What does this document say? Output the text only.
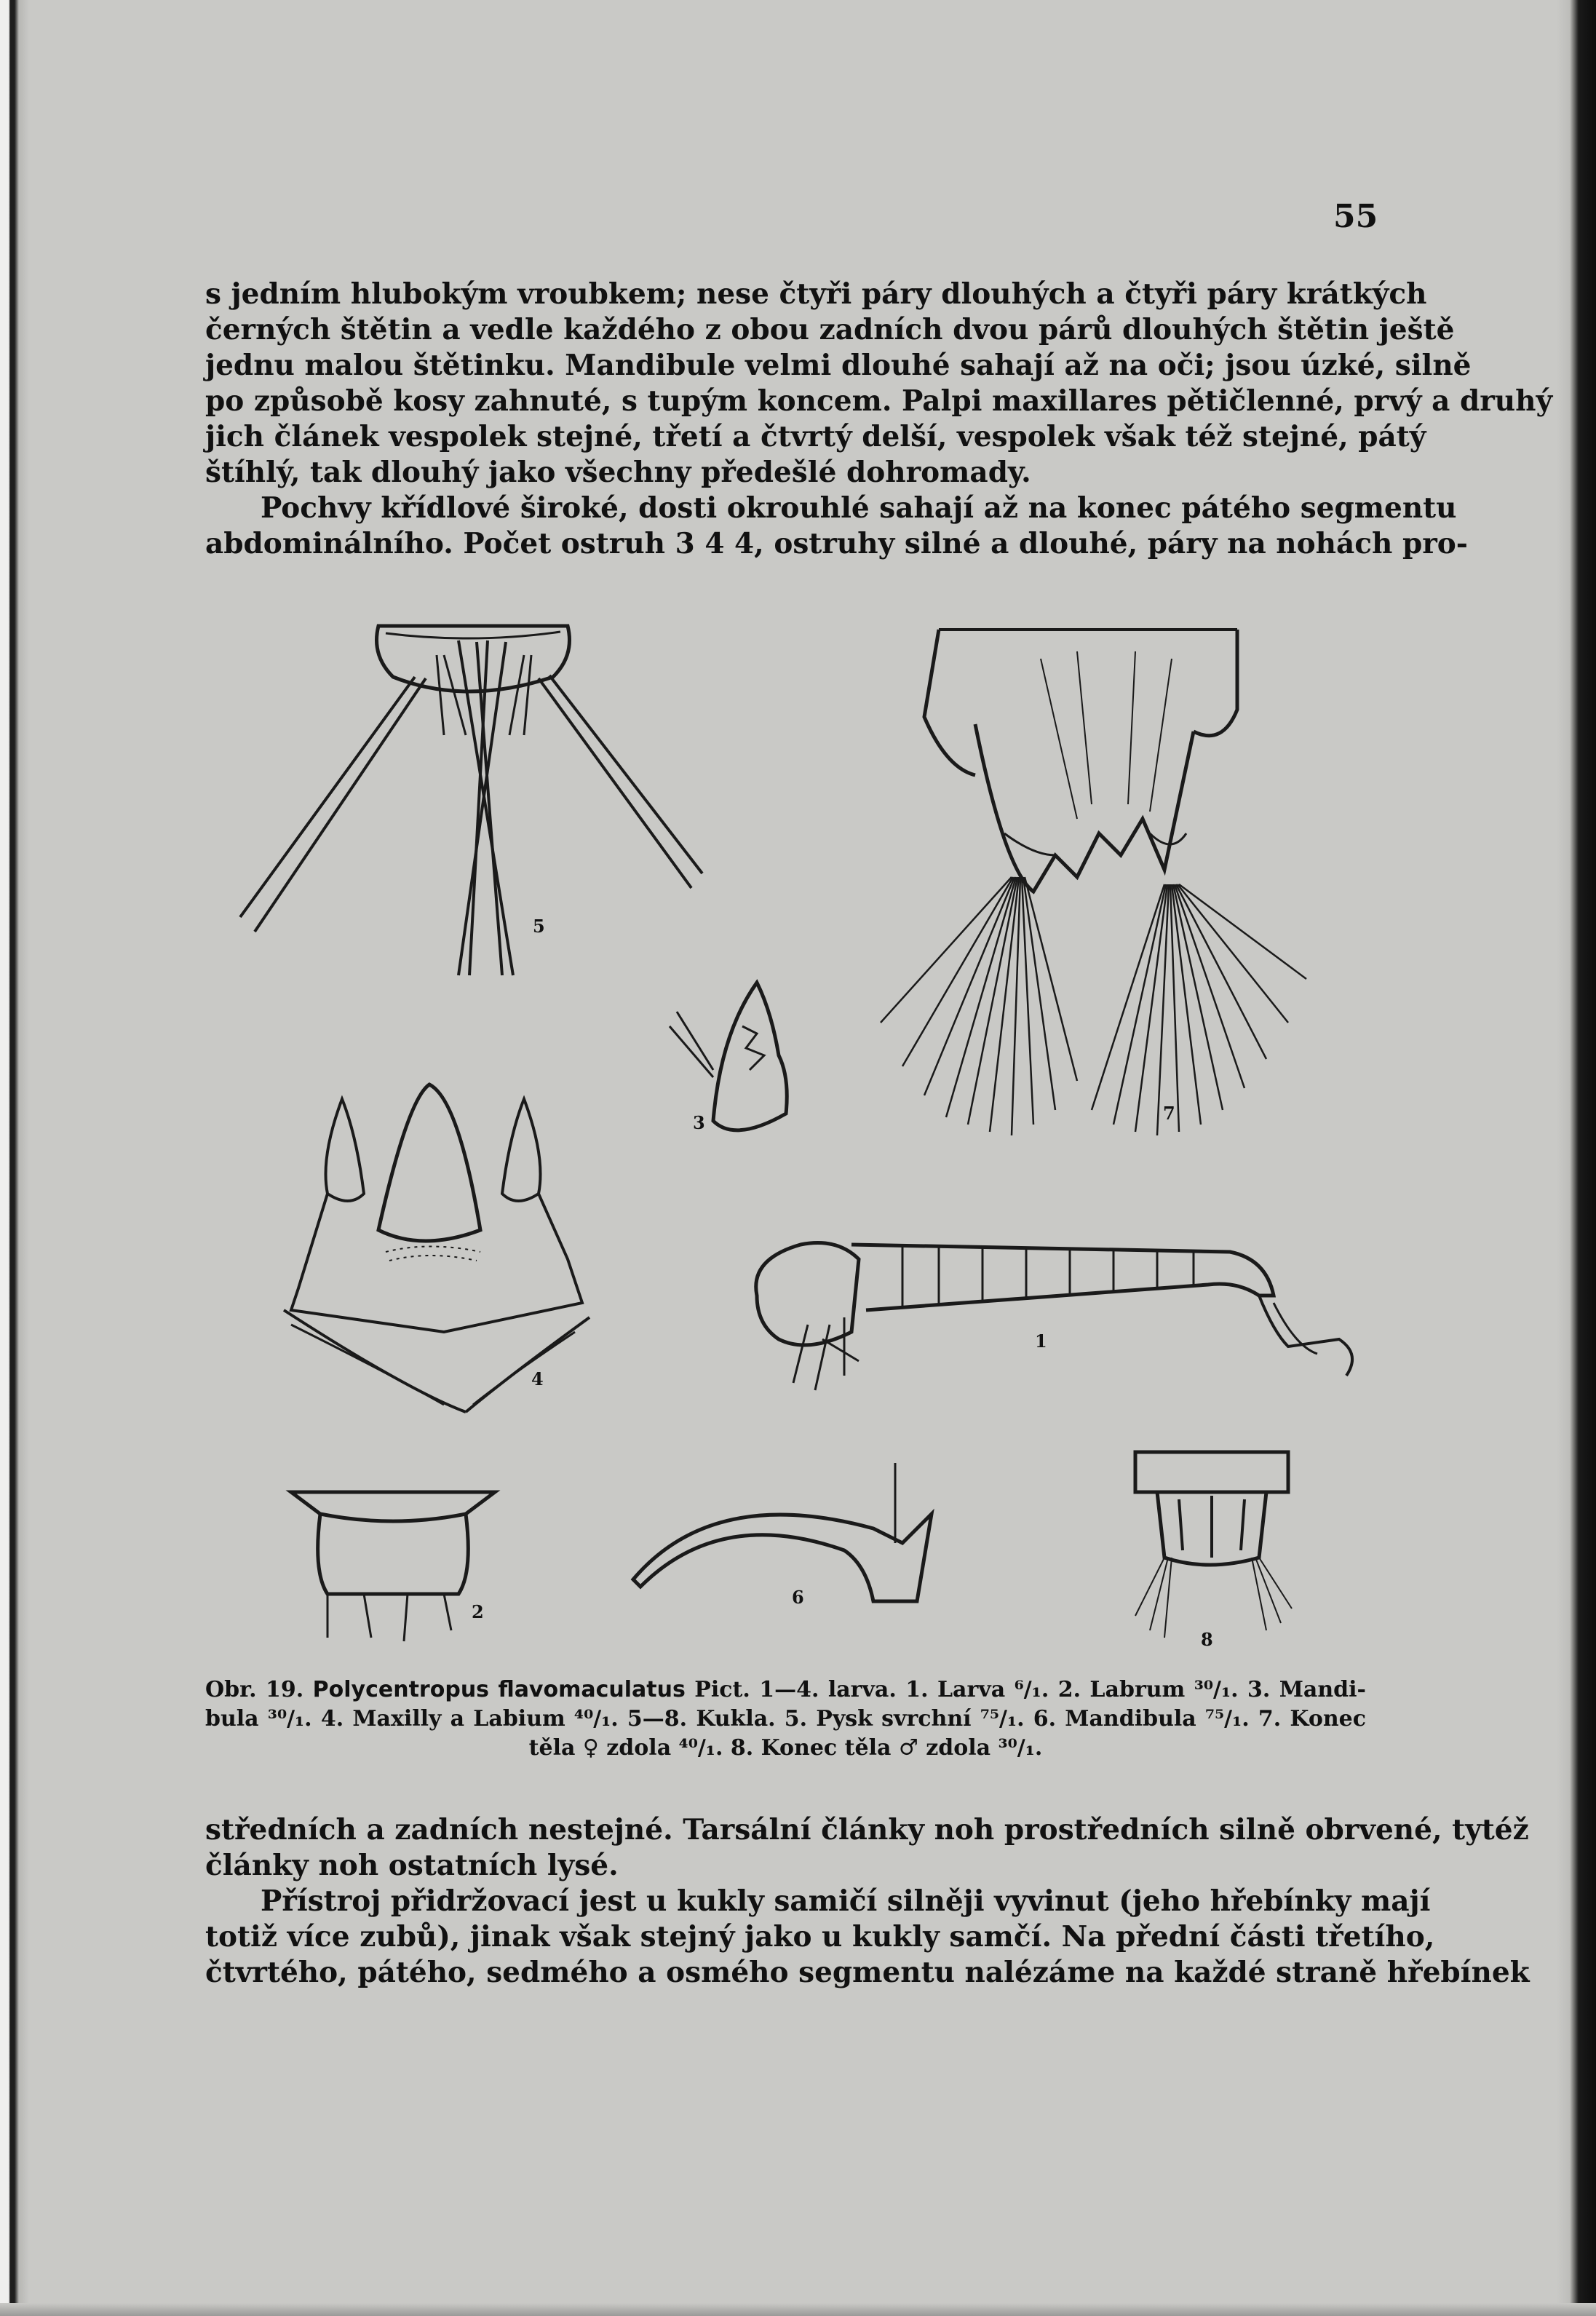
55
s jedním hlubokým vroubkem; nese čtyři páry dlouhých a čtyři páry krátkých
černých štětin a vedle každého z obou zadních dvou párů dlouhých štětin ještě
jednu malou štětinku. Mandibule velmi dlouhé sahají až na oči; jsou úzké, silně
po způsobě kosy zahnuté, s tupým koncem. Palpi maxillares pětičlenné, prvý a druhý
jich článek vespolek stejné, třetí a čtvrtý delší, vespolek však též stejné, pátý
štíhlý, tak dlouhý jako všechny předešlé dohromady.
Pochvy křídlové široké, dosti okrouhlé sahají až na konec pátého segmentu
abdominálního. Počet ostruh 3 4 4, ostruhy silné a dlouhé, páry na nohách pro-
5
7
3
4
1
2
6
8
Obr. 19. Polycentropus flavomaculatus Pict. 1—4. larva. 1. Larva ⁶/₁. 2. Labrum ³⁰/₁. 3. Mandi-
bula ³⁰/₁. 4. Maxilly a Labium ⁴⁰/₁. 5—8. Kukla. 5. Pysk svrchní ⁷⁵/₁. 6. Mandibula ⁷⁵/₁. 7. Konec
těla ♀ zdola ⁴⁰/₁. 8. Konec těla ♂ zdola ³⁰/₁.
středních a zadních nestejné. Tarsální články noh prostředních silně obrvené, tytéž
články noh ostatních lysé.
Přístroj přidržovací jest u kukly samičí silněji vyvinut (jeho hřebínky mají
totiž více zubů), jinak však stejný jako u kukly samčí. Na přední části třetího,
čtvrtého, pátého, sedmého a osmého segmentu nalézáme na každé straně hřebínek
